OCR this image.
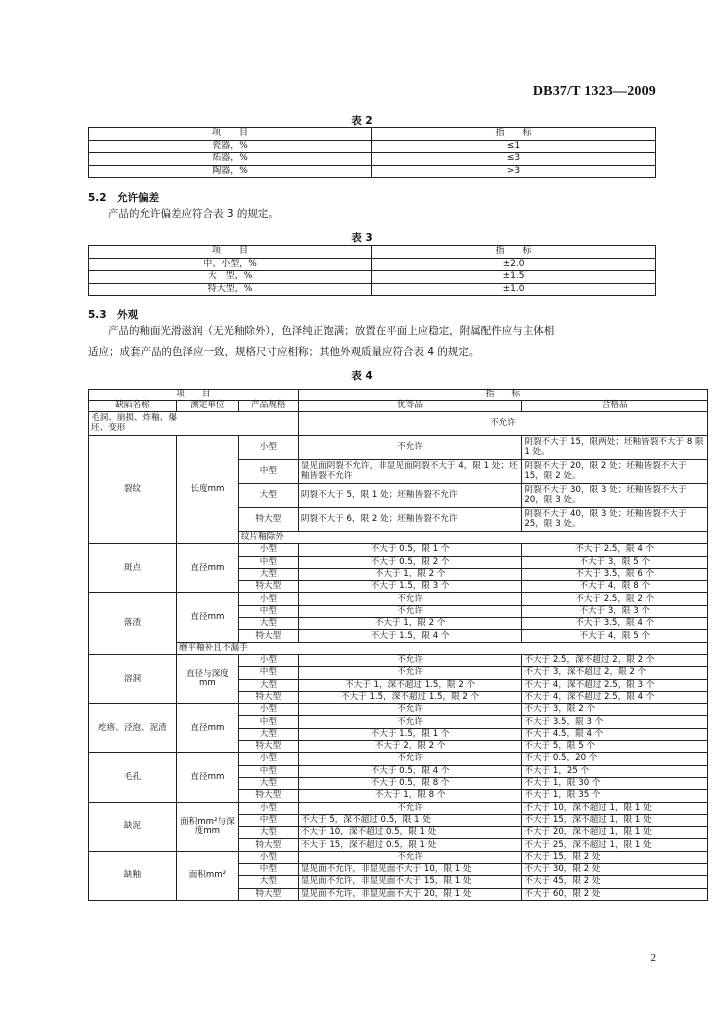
DB37/T 1323—2009
表 2
项　　目	指　　标
瓷器，%	≤1
炻器，%	≤3
陶器，%	>3
5.2　允许偏差
产品的允许偏差应符合表 3 的规定。
表 3
项　　目	指　　标
中、小型，%	±2.0
大　型，%	±1.5
特大型，%	±1.0
5.3　外观
产品的釉面光滑滋润（无光釉除外），色泽纯正饱满；放置在平面上应稳定，附属配件应与主体相
适应；成套产品的色泽应一致，规格尺寸应相称；其他外观质量应符合表 4 的规定。
表 4
项　　目			指　　标	
缺陷名称	测定单位	产品规格	优等品	合格品
毛洞、崩损、炸釉、爆坯、变形			不允许	
裂纹	长度mm	小型	不允许	阴裂不大于 15，限两处；坯釉皆裂不大于 8 限 1 处。
		中型	显见面阴裂不允许，非显见面阴裂不大于 4，限 1 处；坯釉皆裂不允许	阴裂不大于 20，限 2 处；坯釉皆裂不大于 15，限 2 处。
		大型	阴裂不大于 5，限 1 处；坯釉皆裂不允许	阴裂不大于 30，限 3 处；坯釉皆裂不大于 20，限 3 处。
		特大型	阴裂不大于 6，限 2 处；坯釉皆裂不允许	阴裂不大于 40，限 3 处；坯釉皆裂不大于 25，限 3 处。
		纹片釉除外		
斑点	直径mm	小型	不大于 0.5，限 1 个	不大于 2.5，限 4 个
		中型	不大于 0.5，限 2 个	不大于 3，限 5 个
		大型	不大于 1，限 2 个	不大于 3.5，限 6 个
		特大型	不大于 1.5，限 3 个	不大于 4，限 8 个
落渣	直径mm	小型	不允许	不大于 2.5，限 2 个
		中型	不允许	不大于 3，限 3 个
		大型	不大于 1，限 2 个	不大于 3.5，限 4 个
		特大型	不大于 1.5，限 4 个	不大于 4，限 5 个
	磨平釉补且不漏手			
溶洞	直径与深度mm	小型	不允许	不大于 2.5，深不超过 2，限 2 个
		中型	不允许	不大于 3，深不超过 2，限 2 个
		大型	不大于 1，深不超过 1.5，限 2 个	不大于 4，深不超过 2.5，限 3 个
		特大型	不大于 1.5，深不超过 1.5，限 2 个	不大于 4，深不超过 2.5，限 4 个
疙瘩、泾泡、泥渣	直径mm	小型	不允许	不大于 3，限 2 个
		中型	不允许	不大于 3.5，限 3 个
		大型	不大于 1.5，限 1 个	不大于 4.5，限 4 个
		特大型	不大于 2，限 2 个	不大于 5，限 5 个
毛孔	直径mm	小型	不允许	不大于 0.5，20 个
		中型	不大于 0.5，限 4 个	不大于 1，25 个
		大型	不大于 0.5，限 8 个	不大于 1，限 30 个
		特大型	不大于 1，限 8 个	不大于 1，限 35 个
缺泥	面积mm²与深度mm	小型	不允许	不大于 10，深不超过 1，限 1 处
		中型	不大于 5，深不超过 0.5，限 1 处	不大于 15，深不超过 1，限 1 处
		大型	不大于 10，深不超过 0.5，限 1 处	不大于 20，深不超过 1，限 1 处
		特大型	不大于 15，深不超过 0.5，限 1 处	不大于 25，深不超过 1，限 1 处
缺釉	面积mm²	小型	不允许	不大于 15，限 2 处
		中型	显见面不允许，非显见面不大于 10，限 1 处	不大于 30，限 2 处
		大型	显见面不允许，非显见面不大于 15，限 1 处	不大于 45，限 2 处
		特大型	显见面不允许，非显见面不大于 20，限 1 处	不大于 60，限 2 处
2
